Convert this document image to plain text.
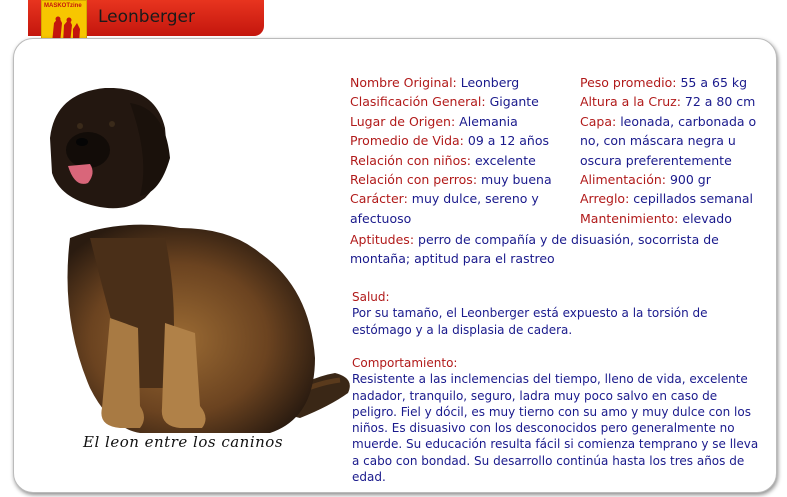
MASKOTzine
Leonberger
El leon entre los caninos
Nombre Original: Leonberg
Clasificación General: Gigante
Lugar de Origen: Alemania
Promedio de Vida: 09 a 12 años
Relación con niños: excelente
Relación con perros: muy buena
Carácter: muy dulce, sereno y afectuoso
Peso promedio: 55 a 65 kg
Altura a la Cruz: 72 a 80 cm
Capa: leonada, carbonada o no, con máscara negra u oscura preferentemente
Alimentación: 900 gr
Arreglo: cepillados semanal
Mantenimiento: elevado
Aptitudes: perro de compañía y de disuasión, socorrista de montaña; aptitud para el rastreo
Salud:
Por su tamaño, el Leonberger está expuesto a la torsión de estómago y a la displasia de cadera.
Comportamiento:
Resistente a las inclemencias del tiempo, lleno de vida, excelente nadador, tranquilo, seguro, ladra muy poco salvo en caso de peligro. Fiel y dócil, es muy tierno con su amo y muy dulce con los niños. Es disuasivo con los desconocidos pero generalmente no muerde. Su educación resulta fácil si comienza temprano y se lleva a cabo con bondad. Su desarrollo continúa hasta los tres años de edad.
